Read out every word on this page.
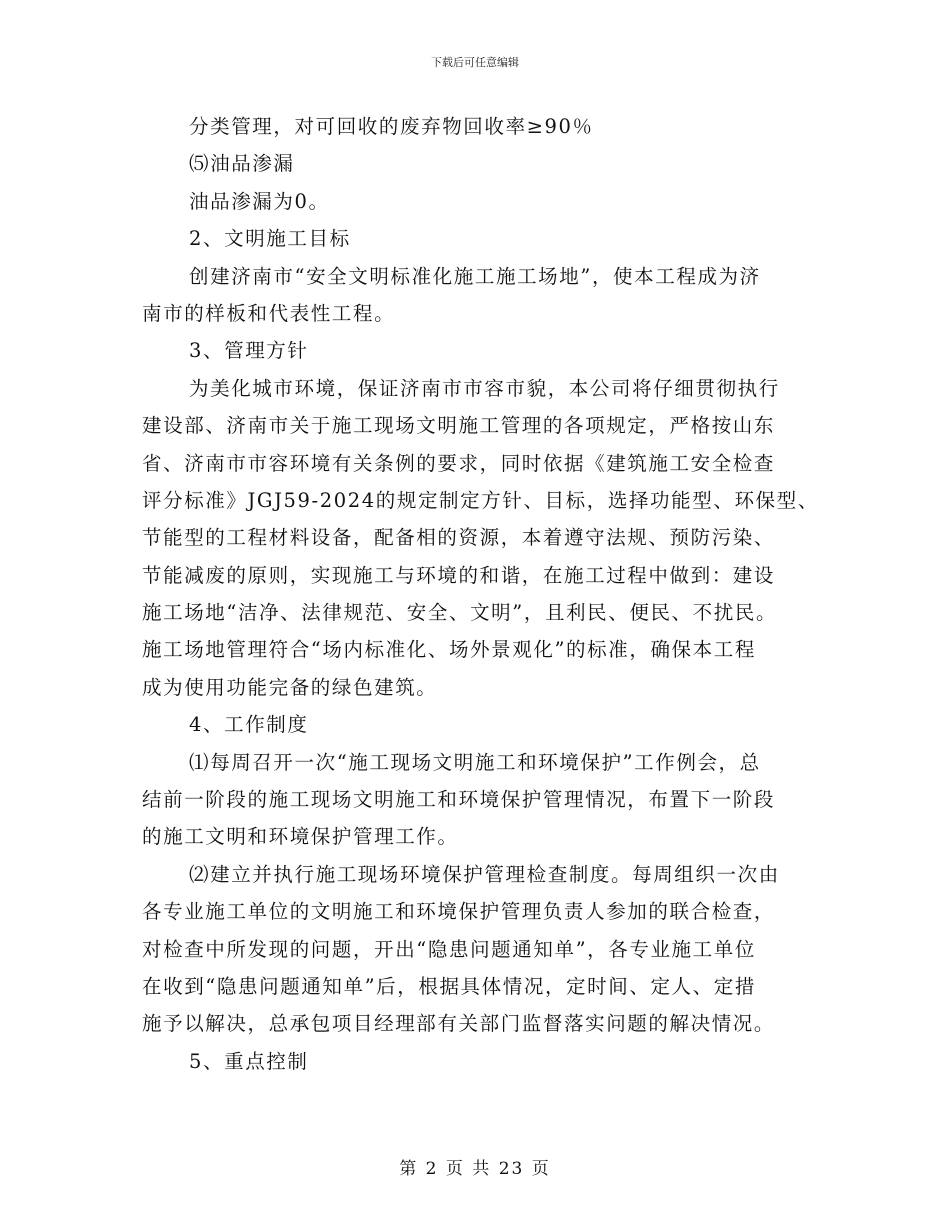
下载后可任意编辑

分类管理，对可回收的废弃物回收率≥90％

⑸油品渗漏

油品渗漏为0。

2、文明施工目标

创建济南市“安全文明标准化施工施工场地”，使本工程成为济

南市的样板和代表性工程。

3、管理方针

为美化城市环境，保证济南市市容市貌，本公司将仔细贯彻执行

建设部、济南市关于施工现场文明施工管理的各项规定，严格按山东

省、济南市市容环境有关条例的要求，同时依据《建筑施工安全检查

评分标准》JGJ59-2024的规定制定方针、目标，选择功能型、环保型、

节能型的工程材料设备，配备相的资源，本着遵守法规、预防污染、

节能减废的原则，实现施工与环境的和谐，在施工过程中做到：建设

施工场地“洁净、法律规范、安全、文明”，且利民、便民、不扰民。

施工场地管理符合“场内标准化、场外景观化”的标准，确保本工程

成为使用功能完备的绿色建筑。

4、工作制度

⑴每周召开一次“施工现场文明施工和环境保护”工作例会，总

结前一阶段的施工现场文明施工和环境保护管理情况，布置下一阶段

的施工文明和环境保护管理工作。

⑵建立并执行施工现场环境保护管理检查制度。每周组织一次由

各专业施工单位的文明施工和环境保护管理负责人参加的联合检查，

对检查中所发现的问题，开出“隐患问题通知单”，各专业施工单位

在收到“隐患问题通知单”后，根据具体情况，定时间、定人、定措

施予以解决，总承包项目经理部有关部门监督落实问题的解决情况。

5、重点控制

第 2 页 共 23 页
